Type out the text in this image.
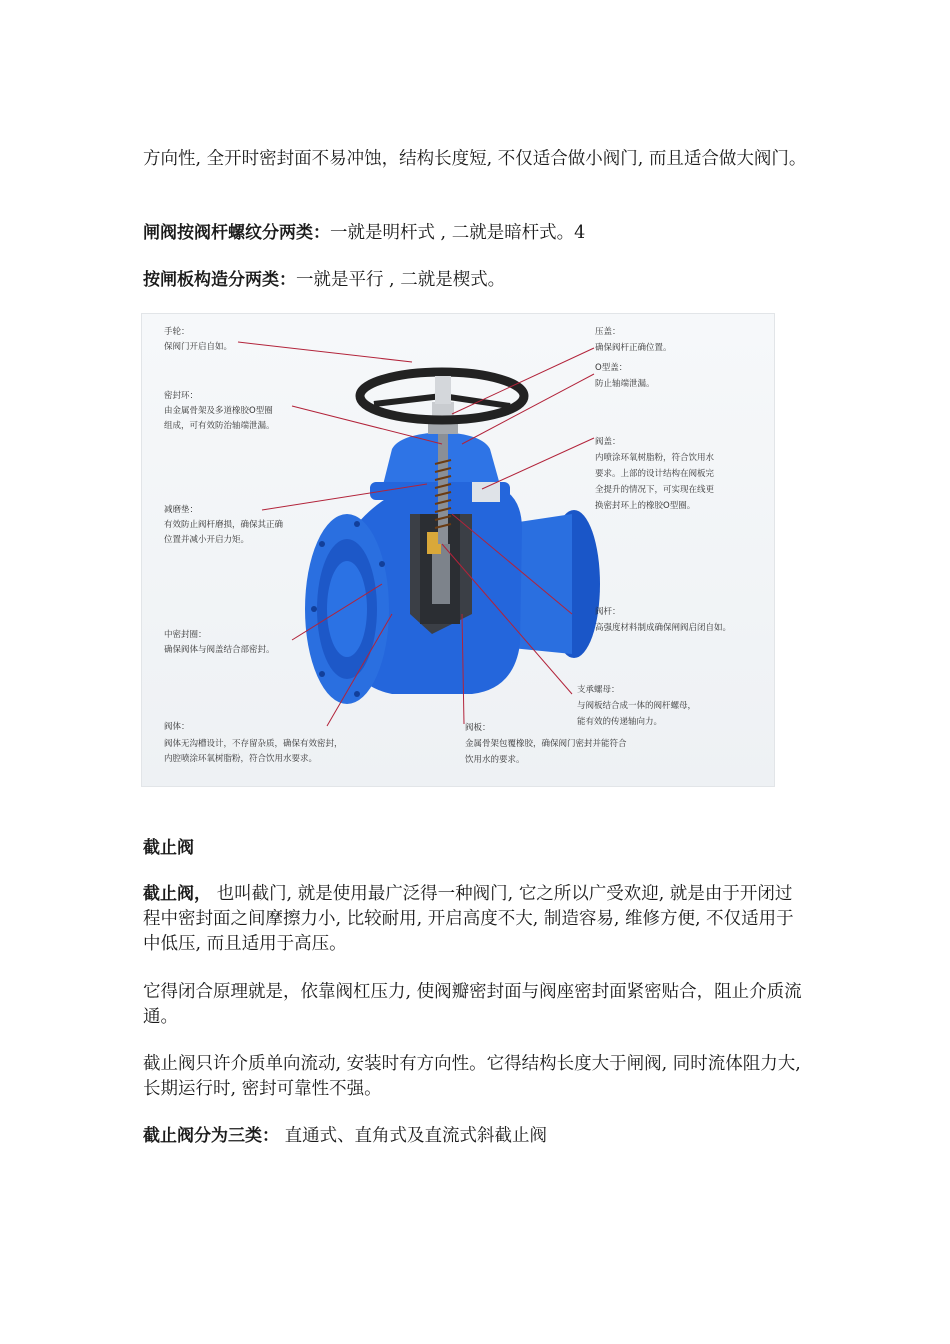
方向性, 全开时密封面不易冲蚀，结构长度短, 不仅适合做小阀门, 而且适合做大阀门。

闸阀按阀杆螺纹分两类：一就是明杆式 , 二就是暗杆式。4

按闸板构造分两类：一就是平行 , 二就是楔式。

手轮：
保阀门开启自如。
密封环：
由金属骨架及多道橡胶O型圈
组成，可有效防治轴端泄漏。
减磨垫：
有效防止阀杆磨损，确保其正确
位置并减小开启力矩。
中密封圈：
确保阀体与阀盖结合部密封。
阀体：
阀体无沟槽设计，不存留杂质，确保有效密封，
内腔喷涂环氧树脂粉，符合饮用水要求。
压盖：
确保阀杆正确位置。
O型盖：
防止轴端泄漏。
阀盖：
内喷涂环氧树脂粉，符合饮用水
要求。上部的设计结构在阀板完
全提升的情况下，可实现在线更
换密封环上的橡胶O型圈。
阀杆：
高强度材料制成确保闸阀启闭自如。
支承螺母：
与阀板结合成一体的阀杆螺母，
能有效的传递轴向力。
阀板：
金属骨架包覆橡胶，确保阀门密封并能符合
饮用水的要求。

截止阀

截止阀， 也叫截门, 就是使用最广泛得一种阀门, 它之所以广受欢迎, 就是由于开闭过程中密封面之间摩擦力小, 比较耐用, 开启高度不大, 制造容易, 维修方便, 不仅适用于中低压, 而且适用于高压。

它得闭合原理就是，依靠阀杠压力, 使阀瓣密封面与阀座密封面紧密贴合，阻止介质流通。

截止阀只许介质单向流动, 安装时有方向性。它得结构长度大于闸阀, 同时流体阻力大, 长期运行时, 密封可靠性不强。

截止阀分为三类： 直通式、直角式及直流式斜截止阀
